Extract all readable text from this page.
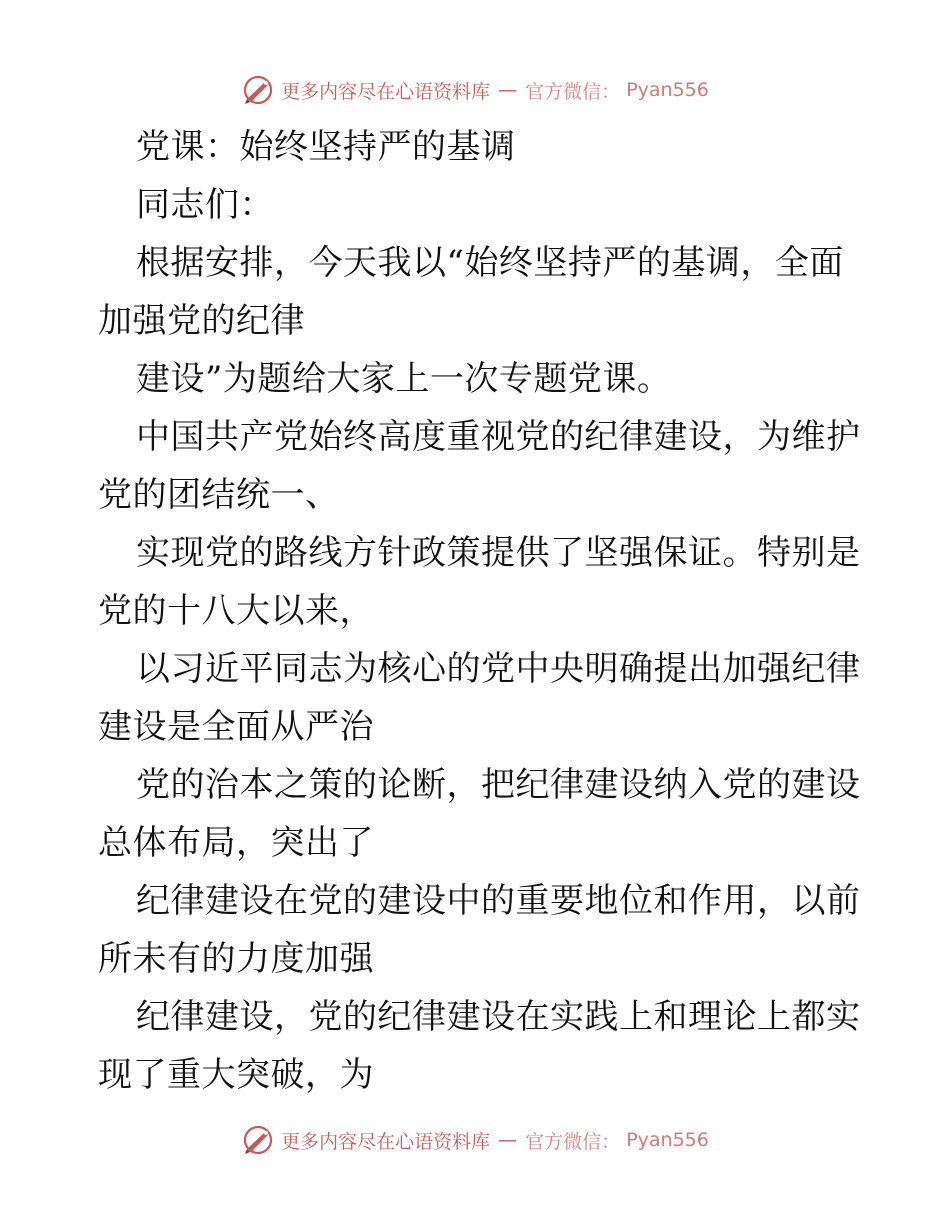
更多内容尽在心语资料库 — 官方微信： Pyan556
党课：始终坚持严的基调
同志们：
根据安排，今天我以“始终坚持严的基调，全面
加强党的纪律
建设”为题给大家上一次专题党课。
中国共产党始终高度重视党的纪律建设，为维护
党的团结统一、
实现党的路线方针政策提供了坚强保证。特别是
党的十八大以来，
以习近平同志为核心的党中央明确提出加强纪律
建设是全面从严治
党的治本之策的论断，把纪律建设纳入党的建设
总体布局，突出了
纪律建设在党的建设中的重要地位和作用，以前
所未有的力度加强
纪律建设，党的纪律建设在实践上和理论上都实
现了重大突破，为
更多内容尽在心语资料库 — 官方微信： Pyan556
